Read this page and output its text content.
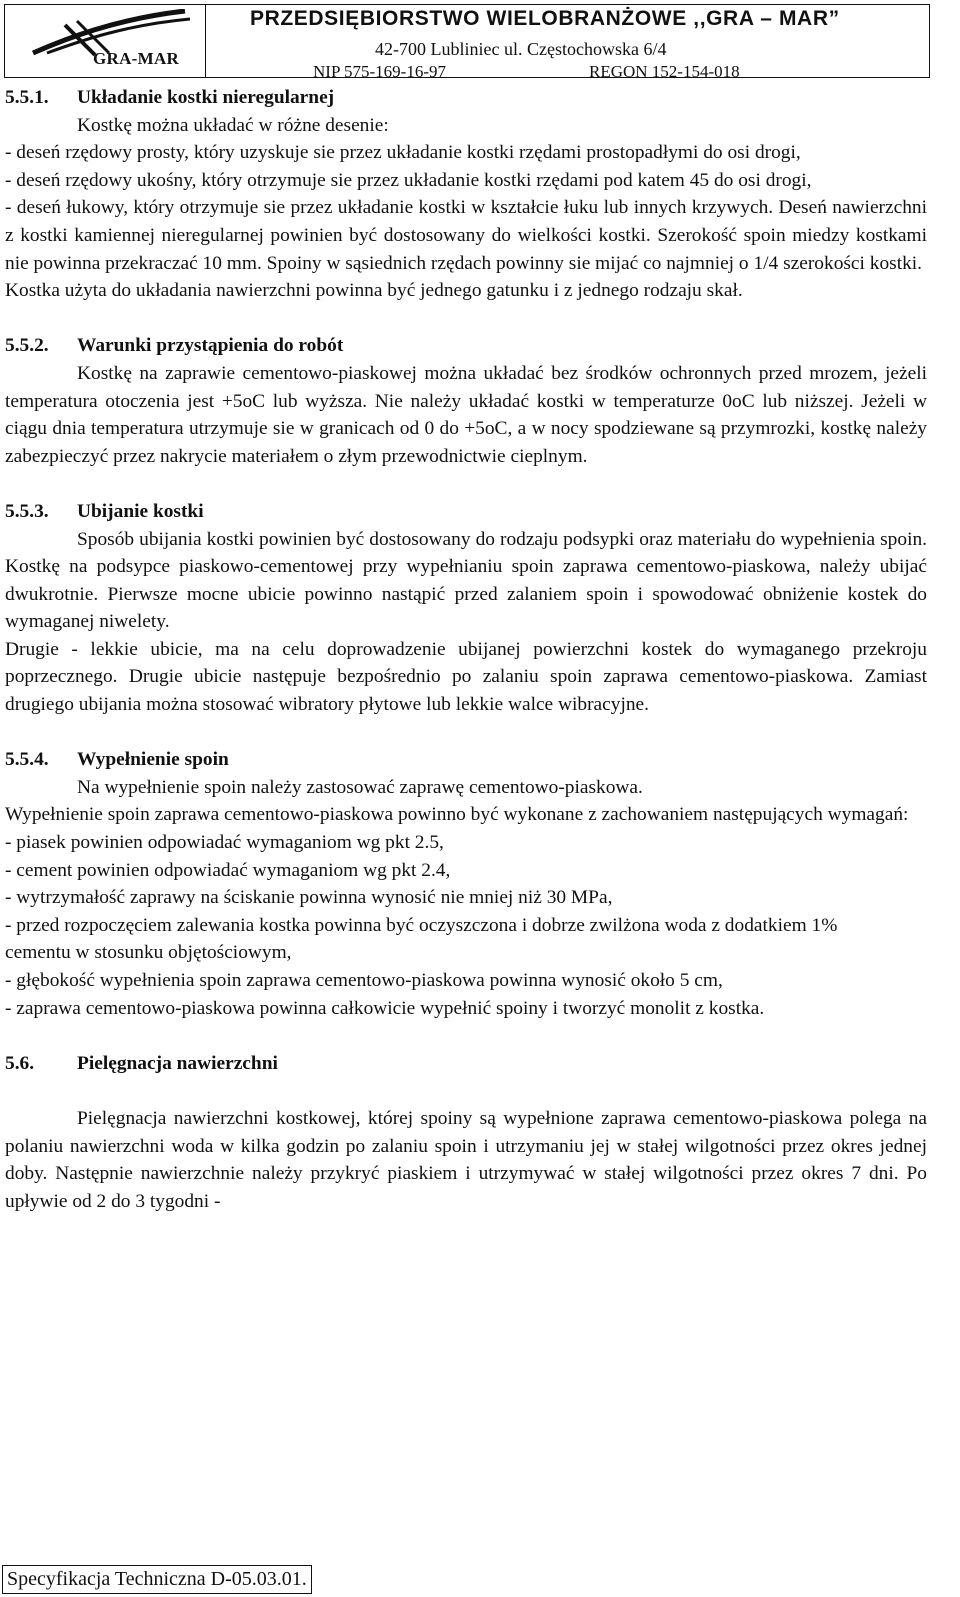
GRA-MAR
PRZEDSIĘBIORSTWO WIELOBRANŻOWE ,,GRA – MAR”
42-700 Lubliniec ul. Częstochowska 6/4
NIP 575-169-16-97	REGON 152-154-018
5.5.1.	Układanie kostki nieregularnej

Kostkę można układać w różne desenie:

- deseń rzędowy prosty, który uzyskuje sie przez układanie kostki rzędami prostopadłymi do osi drogi,

- deseń rzędowy ukośny, który otrzymuje sie przez układanie kostki rzędami pod katem 45 do osi drogi,

- deseń łukowy, który otrzymuje sie przez układanie kostki w kształcie łuku lub innych krzywych. Deseń nawierzchni z kostki kamiennej nieregularnej powinien być dostosowany do wielkości kostki. Szerokość spoin miedzy kostkami nie powinna przekraczać 10 mm. Spoiny w sąsiednich rzędach powinny sie mijać co najmniej o 1/4 szerokości kostki.

Kostka użyta do układania nawierzchni powinna być jednego gatunku i z jednego rodzaju skał.

5.5.2.	Warunki przystąpienia do robót

Kostkę na zaprawie cementowo-piaskowej można układać bez środków ochronnych przed mrozem, jeżeli temperatura otoczenia jest +5oC lub wyższa. Nie należy układać kostki w temperaturze 0oC lub niższej. Jeżeli w ciągu dnia temperatura utrzymuje sie w granicach od 0 do +5oC, a w nocy spodziewane są przymrozki, kostkę należy zabezpieczyć przez nakrycie materiałem o złym przewodnictwie cieplnym.

5.5.3.	Ubijanie kostki

Sposób ubijania kostki powinien być dostosowany do rodzaju podsypki oraz materiału do wypełnienia spoin. Kostkę na podsypce piaskowo-cementowej przy wypełnianiu spoin zaprawa cementowo-piaskowa, należy ubijać dwukrotnie. Pierwsze mocne ubicie powinno nastąpić przed zalaniem spoin i spowodować obniżenie kostek do wymaganej niwelety.

Drugie - lekkie ubicie, ma na celu doprowadzenie ubijanej powierzchni kostek do wymaganego przekroju poprzecznego. Drugie ubicie następuje bezpośrednio po zalaniu spoin zaprawa cementowo-piaskowa. Zamiast drugiego ubijania można stosować wibratory płytowe lub lekkie walce wibracyjne.

5.5.4.	Wypełnienie spoin

Na wypełnienie spoin należy zastosować zaprawę cementowo-piaskowa.

Wypełnienie spoin zaprawa cementowo-piaskowa powinno być wykonane z zachowaniem następujących wymagań:

- piasek powinien odpowiadać wymaganiom wg pkt 2.5,

- cement powinien odpowiadać wymaganiom wg pkt 2.4,

- wytrzymałość zaprawy na ściskanie powinna wynosić nie mniej niż 30 MPa,

- przed rozpoczęciem zalewania kostka powinna być oczyszczona i dobrze zwilżona woda z dodatkiem 1% cementu w stosunku objętościowym,

- głębokość wypełnienia spoin zaprawa cementowo-piaskowa powinna wynosić około 5 cm,

- zaprawa cementowo-piaskowa powinna całkowicie wypełnić spoiny i tworzyć monolit z kostka.

5.6.	Pielęgnacja nawierzchni

Pielęgnacja nawierzchni kostkowej, której spoiny są wypełnione zaprawa cementowo-piaskowa polega na polaniu nawierzchni woda w kilka godzin po zalaniu spoin i utrzymaniu jej w stałej wilgotności przez okres jednej doby. Następnie nawierzchnie należy przykryć piaskiem i utrzymywać w stałej wilgotności przez okres 7 dni. Po upływie od 2 do 3 tygodni -

Specyfikacja Techniczna D-05.03.01.
